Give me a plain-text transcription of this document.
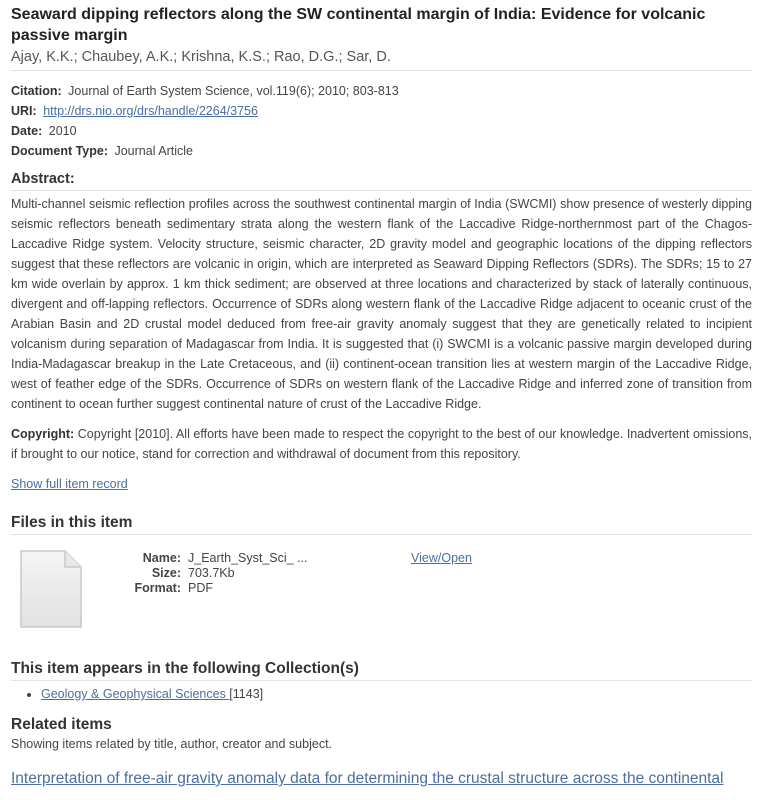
Seaward dipping reflectors along the SW continental margin of India: Evidence for volcanic passive margin
Ajay, K.K.; Chaubey, A.K.; Krishna, K.S.; Rao, D.G.; Sar, D.
Citation: Journal of Earth System Science, vol.119(6); 2010; 803-813
URI: http://drs.nio.org/drs/handle/2264/3756
Date: 2010
Document Type: Journal Article
Abstract:
Multi-channel seismic reflection profiles across the southwest continental margin of India (SWCMI) show presence of westerly dipping seismic reflectors beneath sedimentary strata along the western flank of the Laccadive Ridge-northernmost part of the Chagos-Laccadive Ridge system. Velocity structure, seismic character, 2D gravity model and geographic locations of the dipping reflectors suggest that these reflectors are volcanic in origin, which are interpreted as Seaward Dipping Reflectors (SDRs). The SDRs; 15 to 27 km wide overlain by approx. 1 km thick sediment; are observed at three locations and characterized by stack of laterally continuous, divergent and off-lapping reflectors. Occurrence of SDRs along western flank of the Laccadive Ridge adjacent to oceanic crust of the Arabian Basin and 2D crustal model deduced from free-air gravity anomaly suggest that they are genetically related to incipient volcanism during separation of Madagascar from India. It is suggested that (i) SWCMI is a volcanic passive margin developed during India-Madagascar breakup in the Late Cretaceous, and (ii) continent-ocean transition lies at western margin of the Laccadive Ridge, west of feather edge of the SDRs. Occurrence of SDRs on western flank of the Laccadive Ridge and inferred zone of transition from continent to ocean further suggest continental nature of crust of the Laccadive Ridge.
Copyright: Copyright [2010]. All efforts have been made to respect the copyright to the best of our knowledge. Inadvertent omissions, if brought to our notice, stand for correction and withdrawal of document from this repository.
Show full item record
Files in this item
Name: J_Earth_Syst_Sci_ ...
Size: 703.7Kb
Format: PDF
View/Open
This item appears in the following Collection(s)
• Geology & Geophysical Sciences [1143]
Related items
Showing items related by title, author, creator and subject.
Interpretation of free-air gravity anomaly data for determining the crustal structure across the continental
